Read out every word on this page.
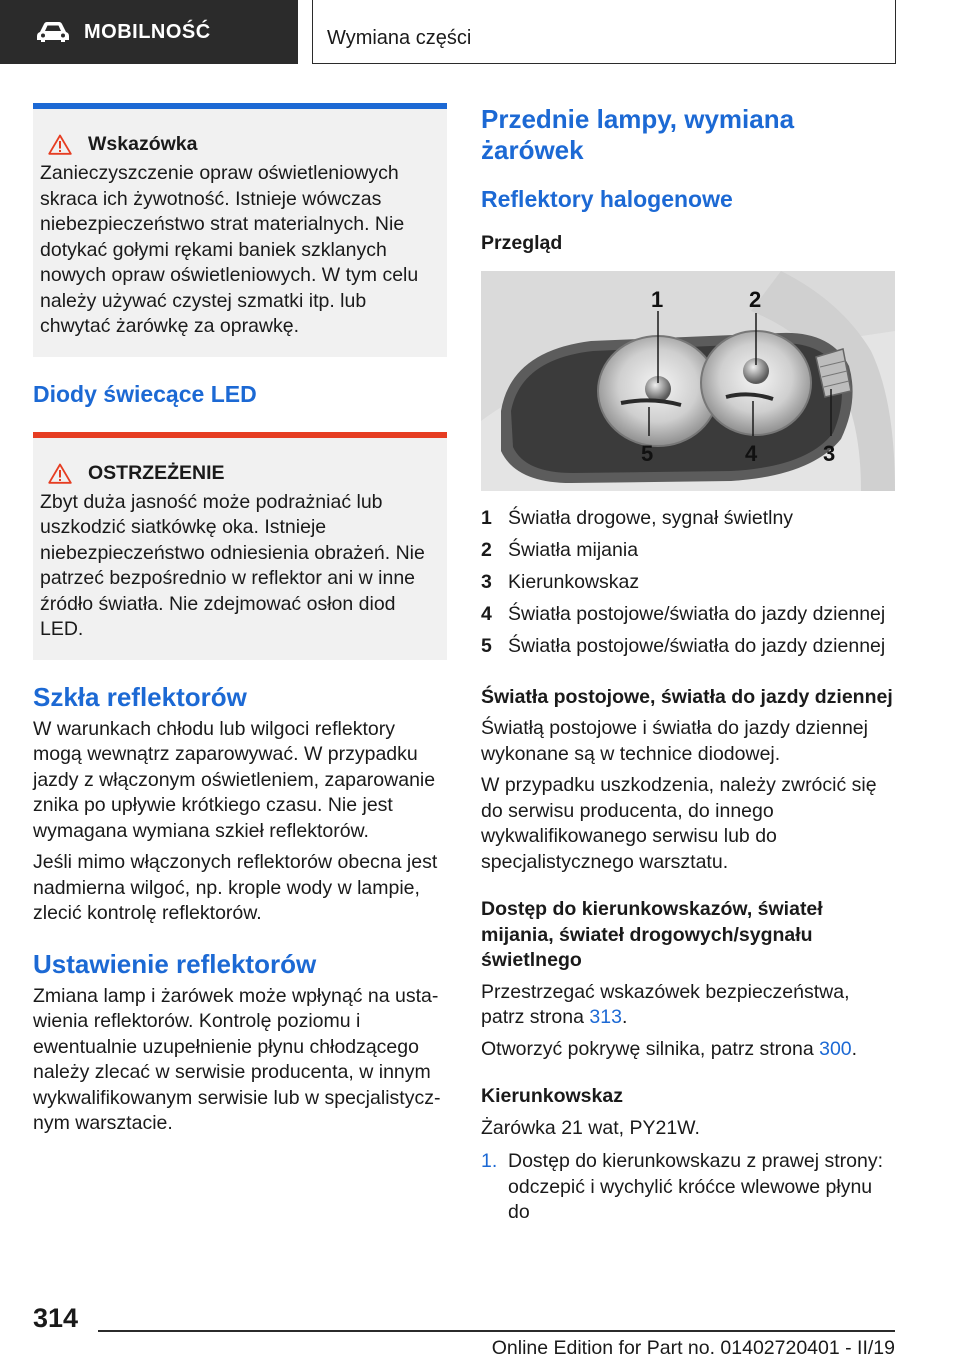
MOBILNOŚĆ	Wymiana części
Wskazówka

Zanieczyszczenie opraw oświetleniowych skraca ich żywotność. Istnieje wówczas niebezpieczeństwo strat materialnych. Nie dotykać gołymi rękami baniek szklanych nowych opraw oświetleniowych. W tym celu należy używać czystej szmatki itp. lub chwytać żarówkę za oprawkę.

Diody świecące LED
OSTRZEŻENIE

Zbyt duża jasność może podrażniać lub uszkodzić siatkówkę oka. Istnieje niebezpieczeństwo odniesienia obrażeń. Nie patrzeć bezpośrednio w reflektor ani w inne źródło światła. Nie zdejmować osłon diod LED.

Szkła reflektorów

W warunkach chłodu lub wilgoci reflektory mogą wewnątrz zaparowywać. W przypadku jazdy z włączonym oświetleniem, zaparowanie znika po upływie krótkiego czasu. Nie jest wymagana wymiana szkieł reflektorów.

Jeśli mimo włączonych reflektorów obecna jest nadmierna wilgoć, np. krople wody w lampie, zlecić kontrolę reflektorów.

Ustawienie reflektorów

Zmiana lamp i żarówek może wpłynąć na ustawienia reflektorów. Kontrolę poziomu i ewentualnie uzupełnienie płynu chłodzącego należy zlecać w serwisie producenta, w innym wykwalifikowanym serwisie lub w specjalistycznym warsztacie.

Przednie lampy, wymiana żarówek
Reflektory halogenowe
Przegląd
1	2
3
4
5
1 Światła drogowe, sygnał świetlny
2 Światła mijania
3 Kierunkowskaz
4 Światła postojowe/światła do jazdy dziennej
5 Światła postojowe/światła do jazdy dziennej
Światła postojowe, światła do jazdy dziennej

Światłą postojowe i światła do jazdy dziennej wykonane są w technice diodowej.

W przypadku uszkodzenia, należy zwrócić się do serwisu producenta, do innego wykwalifikowanego serwisu lub do specjalistycznego warsztatu.

Dostęp do kierunkowskazów, świateł mijania, świateł drogowych/sygnału świetlnego

Przestrzegać wskazówek bezpieczeństwa, patrz strona 313.

Otworzyć pokrywę silnika, patrz strona 300.

Kierunkowskaz

Żarówka 21 wat, PY21W.

1. Dostęp do kierunkowskazu z prawej strony: odczepić i wychylić króćce wlewowe płynu do
314
Online Edition for Part no. 01402720401 - II/19
